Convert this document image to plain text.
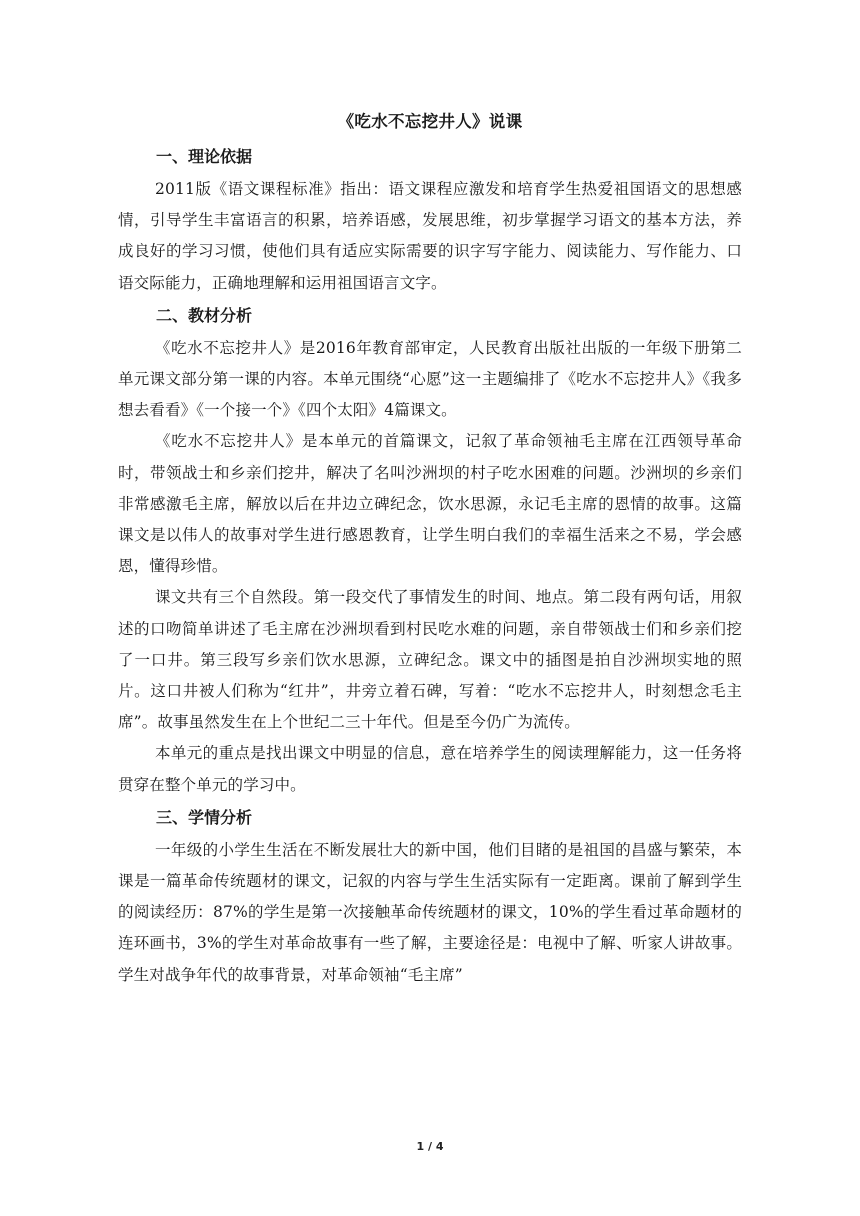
《吃水不忘挖井人》说课
一、理论依据

2011版《语文课程标准》指出：语文课程应激发和培育学生热爱祖国语文的思想感情，引导学生丰富语言的积累，培养语感，发展思维，初步掌握学习语文的基本方法，养成良好的学习习惯，使他们具有适应实际需要的识字写字能力、阅读能力、写作能力、口语交际能力，正确地理解和运用祖国语言文字。

二、教材分析

《吃水不忘挖井人》是2016年教育部审定，人民教育出版社出版的一年级下册第二单元课文部分第一课的内容。本单元围绕“心愿”这一主题编排了《吃水不忘挖井人》《我多想去看看》《一个接一个》《四个太阳》4篇课文。

《吃水不忘挖井人》是本单元的首篇课文，记叙了革命领袖毛主席在江西领导革命时，带领战士和乡亲们挖井，解决了名叫沙洲坝的村子吃水困难的问题。沙洲坝的乡亲们非常感激毛主席，解放以后在井边立碑纪念，饮水思源，永记毛主席的恩情的故事。这篇课文是以伟人的故事对学生进行感恩教育，让学生明白我们的幸福生活来之不易，学会感恩，懂得珍惜。

课文共有三个自然段。第一段交代了事情发生的时间、地点。第二段有两句话，用叙述的口吻简单讲述了毛主席在沙洲坝看到村民吃水难的问题，亲自带领战士们和乡亲们挖了一口井。第三段写乡亲们饮水思源，立碑纪念。课文中的插图是拍自沙洲坝实地的照片。这口井被人们称为“红井”，井旁立着石碑，写着：“吃水不忘挖井人，时刻想念毛主席”。故事虽然发生在上个世纪二三十年代。但是至今仍广为流传。

本单元的重点是找出课文中明显的信息，意在培养学生的阅读理解能力，这一任务将贯穿在整个单元的学习中。

三、学情分析

一年级的小学生生活在不断发展壮大的新中国，他们目睹的是祖国的昌盛与繁荣，本课是一篇革命传统题材的课文，记叙的内容与学生生活实际有一定距离。课前了解到学生的阅读经历：87%的学生是第一次接触革命传统题材的课文，10%的学生看过革命题材的连环画书，3%的学生对革命故事有一些了解，主要途径是：电视中了解、听家人讲故事。学生对战争年代的故事背景，对革命领袖“毛主席”

1 / 4
